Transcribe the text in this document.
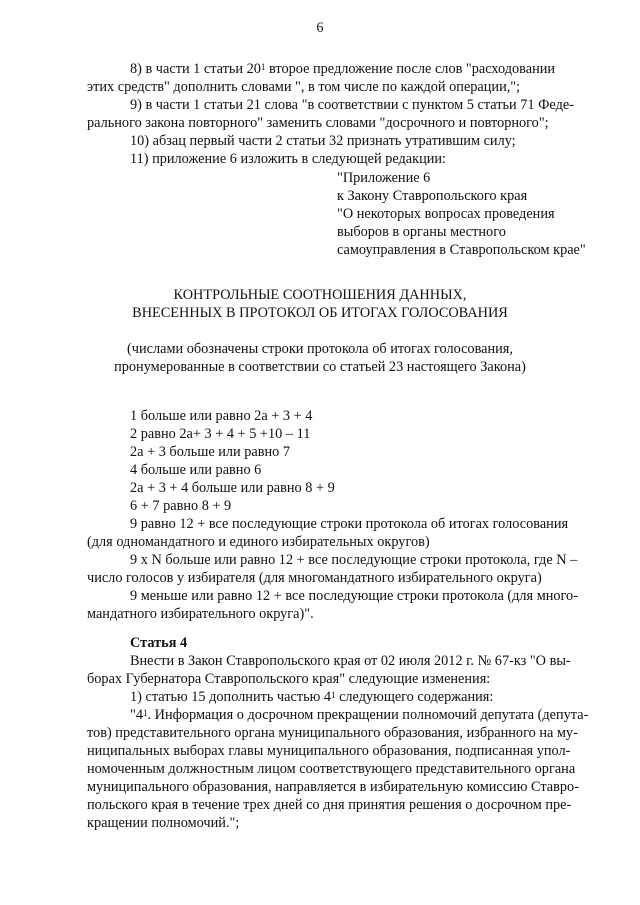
6
8) в части 1 статьи $20^1$ второе предложение после слов "расходовании
этих средств" дополнить словами ", в том числе по каждой операции,";
9) в части 1 статьи 21 слова "в соответствии с пунктом 5 статьи 71 Феде-
рального закона повторного" заменить словами "досрочного и повторного";
10) абзац первый части 2 статьи 32 признать утратившим силу;
11) приложение 6 изложить в следующей редакции:
"Приложение 6
к Закону Ставропольского края
"О некоторых вопросах проведения
выборов в органы местного
самоуправления в Ставропольском крае"
КОНТРОЛЬНЫЕ СООТНОШЕНИЯ ДАННЫХ,
ВНЕСЕННЫХ В ПРОТОКОЛ ОБ ИТОГАХ ГОЛОСОВАНИЯ
(числами обозначены строки протокола об итогах голосования,
пронумерованные в соответствии со статьей 23 настоящего Закона)
1 больше или равно 2а + 3 + 4
2 равно 2а+ 3 + 4 + 5 +10 – 11
2а + 3 больше или равно 7
4 больше или равно 6
2а + 3 + 4 больше или равно 8 + 9
6 + 7 равно 8 + 9
9 равно 12 + все последующие строки протокола об итогах голосования
(для одномандатного и единого избирательных округов)
9 х N больше или равно 12 + все последующие строки протокола, где N –
число голосов у избирателя (для многомандатного избирательного округа)
9 меньше или равно 12 + все последующие строки протокола (для много-
мандатного избирательного округа)".
Статья 4
Внести в Закон Ставропольского края от 02 июля 2012 г. № 67-кз "О вы-
борах Губернатора Ставропольского края" следующие изменения:
1) статью 15 дополнить частью $4^1$ следующего содержания:
"$4^1$. Информация о досрочном прекращении полномочий депутата (депута-
тов) представительного органа муниципального образования, избранного на му-
ниципальных выборах главы муниципального образования, подписанная упол-
номоченным должностным лицом соответствующего представительного органа
муниципального образования, направляется в избирательную комиссию Ставро-
польского края в течение трех дней со дня принятия решения о досрочном пре-
кращении полномочий.";
